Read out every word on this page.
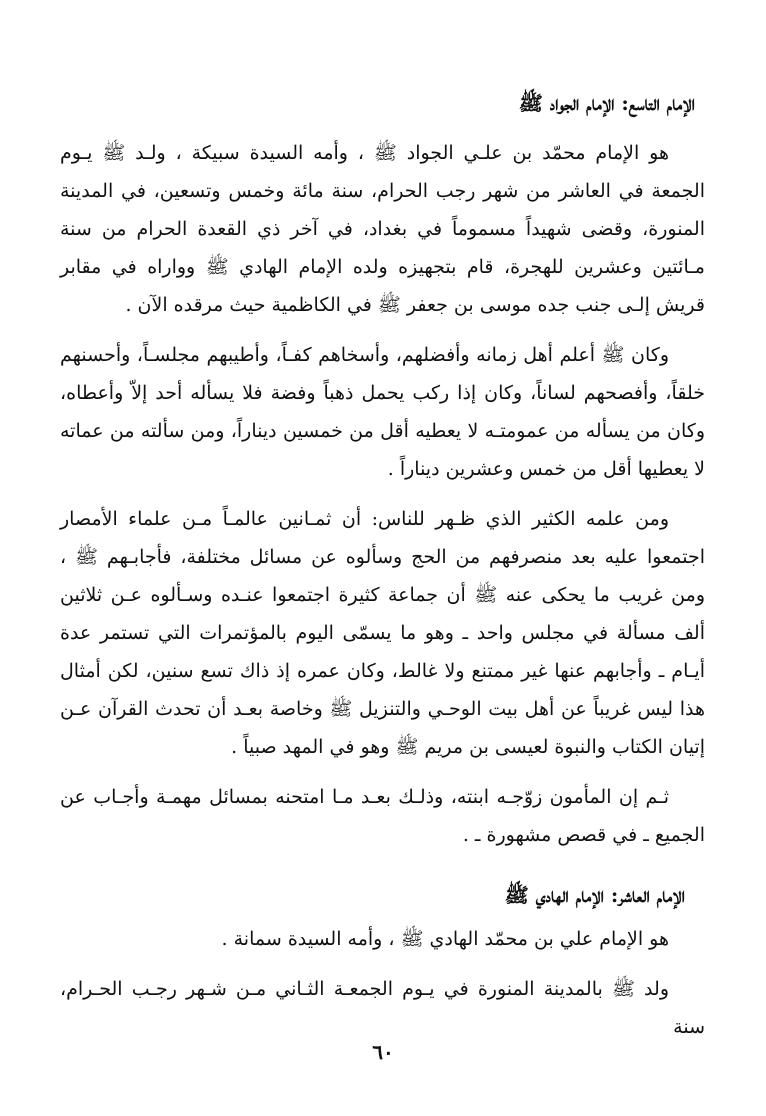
الإمام التاسع: الإمام الجواد ﷺ

هو الإمام محمّد بن علـي الجواد ﷺ ، وأمه السيدة سبيكة ، ولـد ﷺ يـوم الجمعة في العاشر من شهر رجب الحرام، سنة مائة وخمس وتسعين، في المدينة المنورة، وقضى شهيداً مسموماً في بغداد، في آخر ذي القعدة الحرام من سنة مـائتين وعشرين للهجرة، قام بتجهيزه ولده الإمام الهادي ﷺ وواراه في مقابر قريش إلـى جنب جده موسى بن جعفر ﷺ في الكاظمية حيث مرقده الآن .

وكان ﷺ أعلم أهل زمانه وأفضلهم، وأسخاهم كفـاً، وأطيبهم مجلسـاً، وأحسنهم خلقاً، وأفصحهم لساناً، وكان إذا ركب يحمل ذهباً وفضة فلا يسأله أحد إلاّ وأعطاه، وكان من يسأله من عمومتـه لا يعطيه أقل من خمسين ديناراً، ومن سألته من عماته لا يعطيها أقل من خمس وعشرين ديناراً .

ومن علمه الكثير الذي ظـهر للناس: أن ثمـانين عالمـاً مـن علماء الأمصار اجتمعوا عليه بعد منصرفهم من الحج وسألوه عن مسائل مختلفة، فأجابـهم ﷺ ، ومن غريب ما يحكى عنه ﷺ أن جماعة كثيرة اجتمعوا عنـده وسـألوه عـن ثلاثين ألف مسألة في مجلس واحد ـ وهو ما يسمّى اليوم بالمؤتمرات التي تستمر عدة أيـام ـ وأجابهم عنها غير ممتنع ولا غالط، وكان عمره إذ ذاك تسع سنين، لكن أمثال هذا ليس غريباً عن أهل بيت الوحـي والتنزيل ﷺ وخاصة بعـد أن تحدث القرآن عـن إتيان الكتاب والنبوة لعيسى بن مريم ﷺ وهو في المهد صبياً .

ثـم إن المأمون زوّجـه ابنته، وذلـك بعـد مـا امتحنه بمسائل مهمـة وأجـاب عن الجميع ـ في قصص مشهورة ـ .

الإمام العاشر: الإمام الهادي ﷺ

هو الإمام علي بن محمّد الهادي ﷺ ، وأمه السيدة سمانة .

ولد ﷺ بالمدينة المنورة في يـوم الجمعـة الثـاني مـن شـهر رجـب الحـرام، سنة

٦٠
